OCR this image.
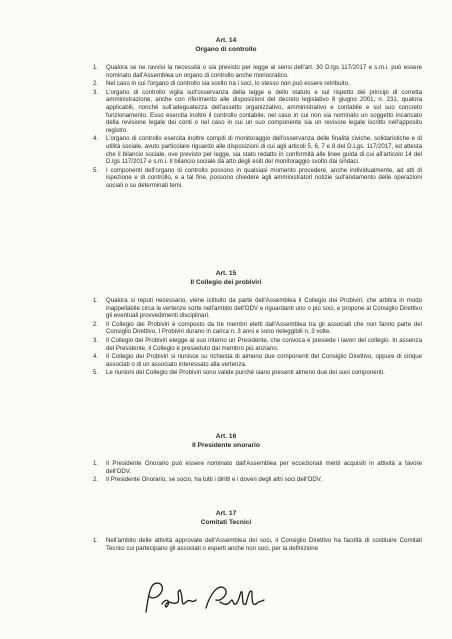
Art. 14

Organo di controllo

1.	Qualora se ne ravvisi la necessità o sia previsto per legge ai sensi dell'art. 30 D.lgs 117/2017 e s.m.i. può essere nominato dall'Assemblea un organo di controllo anche monocratico.
2.	Nel caso in cui l'organo di controllo sia scelto tra i soci, lo stesso non può essere retribuito.
3.	L'organo di controllo vigila sull'osservanza della legge e dello statuto e sul rispetto dei principi di corretta amministrazione, anche con riferimento alle disposizioni del decreto legislativo 8 giugno 2001, n. 231, qualora applicabili, nonché sull'adeguatezza dell'assetto organizzativo, amministrativo e contabile e sul suo concreto funzionamento. Esso esercita inoltre il controllo contabile, nel caso in cui non sia nominato un soggetto incaricato della revisione legale dei conti o nel caso in cui un suo componente sia un revisore legale iscritto nell'apposito registro.
4.	L'organo di controllo esercita inoltre compiti di monitoraggio dell'osservanza delle finalità civiche, solidaristiche e di utilità sociale, avuto particolare riguardo alle disposizioni di cui agli articoli 5, 6, 7 e 8 del D.Lgs. 117/2017, ed attesta che il bilancio sociale, ove previsto per legge, sia stato redatto in conformità alle linee guida di cui all'articolo 14 del D.lgs 117/2017 e s.m.i. Il bilancio sociale dà atto degli esiti del monitoraggio svolto dai sindaci.
5.	I componenti dell'organo di controllo possono in qualsiasi momento procedere, anche individualmente, ad atti di ispezione e di controllo, e a tal fine, possono chiedere agli amministratori notizie sull'andamento delle operazioni sociali o su determinati temi.

Art. 15

Il Collegio dei probiviri

1.	Qualora si reputi necessario, viene istituito da parte dell'Assemblea il Collegio dei Probiviri, che arbitra in modo inappellabile circa le vertenze sorte nell'ambito dell'ODV e riguardanti uno o più soci, e propone al Consiglio Direttivo gli eventuali provvedimenti disciplinari.
2.	Il Collegio dei Probiviri è composto da tre membri eletti dall'Assemblea tra gli associati che non fanno parte del Consiglio Direttivo. I Probiviri durano in carica n. 3 anni e sono rieleggibili n. 3 volte.
3.	Il Collegio dei Probiviri elegge al suo interno un Presidente, che convoca e presiede i lavori del collegio. In assenza del Presidente, il Collegio è presieduto dal membro più anziano.
4.	Il Collegio dei Probiviri si riunisce su richiesta di almeno due componenti del Consiglio Direttivo, oppure di cinque associati o di un associato interessato alla vertenza.
5.	Le riunioni del Collegio dei Probiviri sono valide purché siano presenti almeno due dei suoi componenti.

Art. 16

Il Presidente onorario

1.	Il Presidente Onorario può essere nominato dall'Assemblea per eccezionali meriti acquisiti in attività a favore dell'ODV.
2.	Il Presidente Onorario, se socio, ha tutti i diritti e i doveri degli altri soci dell'ODV.

Art. 17

Comitati Tecnici

1.	Nell'ambito delle attività approvate dell'Assemblea dei soci, il Consiglio Direttivo ha facoltà di costituire Comitati Tecnici cui partecipano gli associati o esperti anche non soci, per la definizione
